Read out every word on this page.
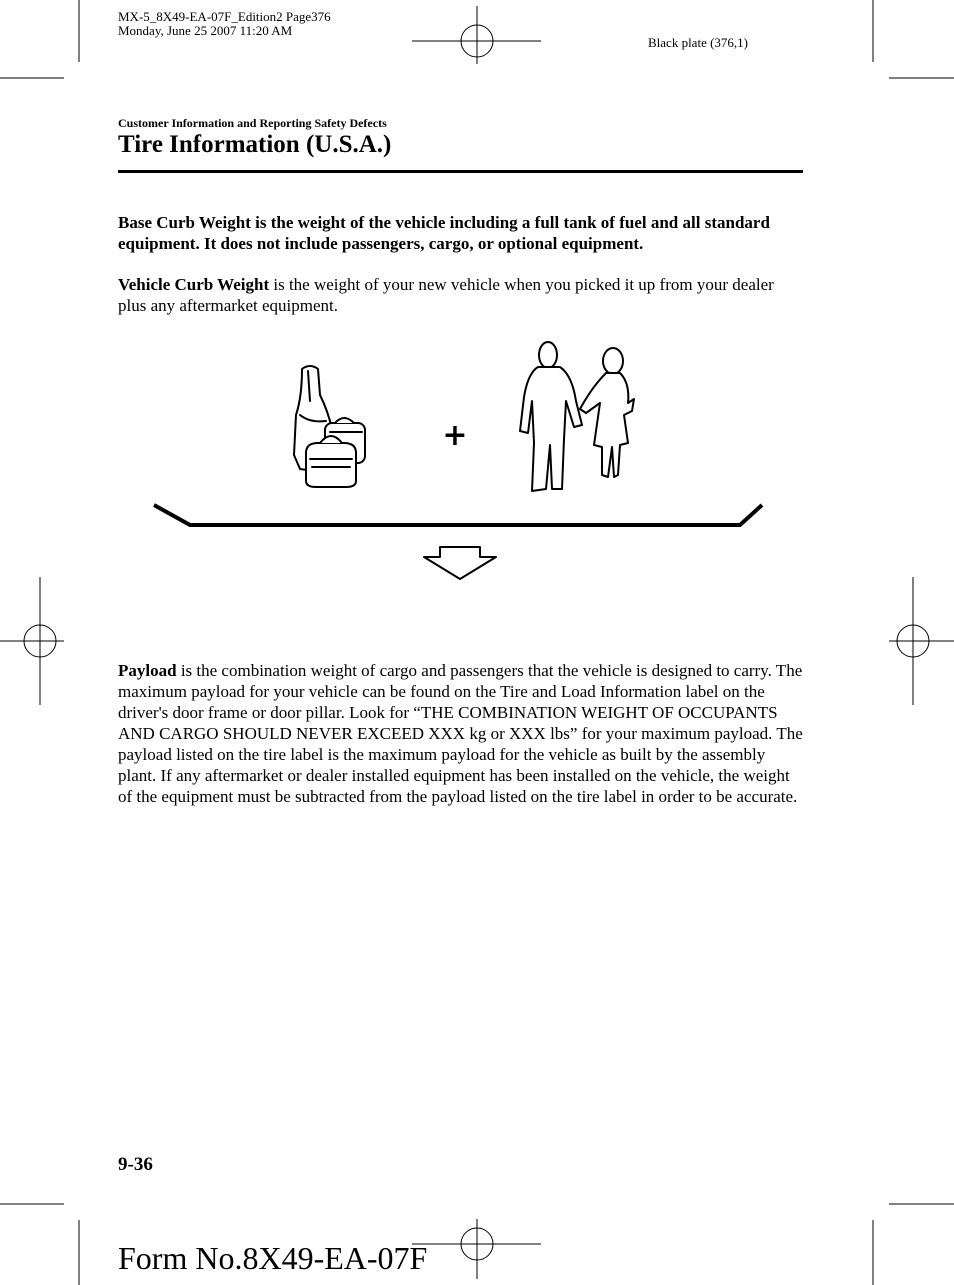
MX-5_8X49-EA-07F_Edition2 Page376
Monday, June 25 2007 11:20 AM
Black plate (376,1)
Customer Information and Reporting Safety Defects
Tire Information (U.S.A.)

Base Curb Weight is the weight of the vehicle including a full tank of fuel and all standard equipment. It does not include passengers, cargo, or optional equipment.

Vehicle Curb Weight is the weight of your new vehicle when you picked it up from your dealer plus any aftermarket equipment.

+

Payload is the combination weight of cargo and passengers that the vehicle is designed to carry. The maximum payload for your vehicle can be found on the Tire and Load Information label on the driver's door frame or door pillar. Look for “THE COMBINATION WEIGHT OF OCCUPANTS AND CARGO SHOULD NEVER EXCEED XXX kg or XXX lbs” for your maximum payload. The payload listed on the tire label is the maximum payload for the vehicle as built by the assembly plant. If any aftermarket or dealer installed equipment has been installed on the vehicle, the weight of the equipment must be subtracted from the payload listed on the tire label in order to be accurate.

9-36
Form No.8X49-EA-07F
